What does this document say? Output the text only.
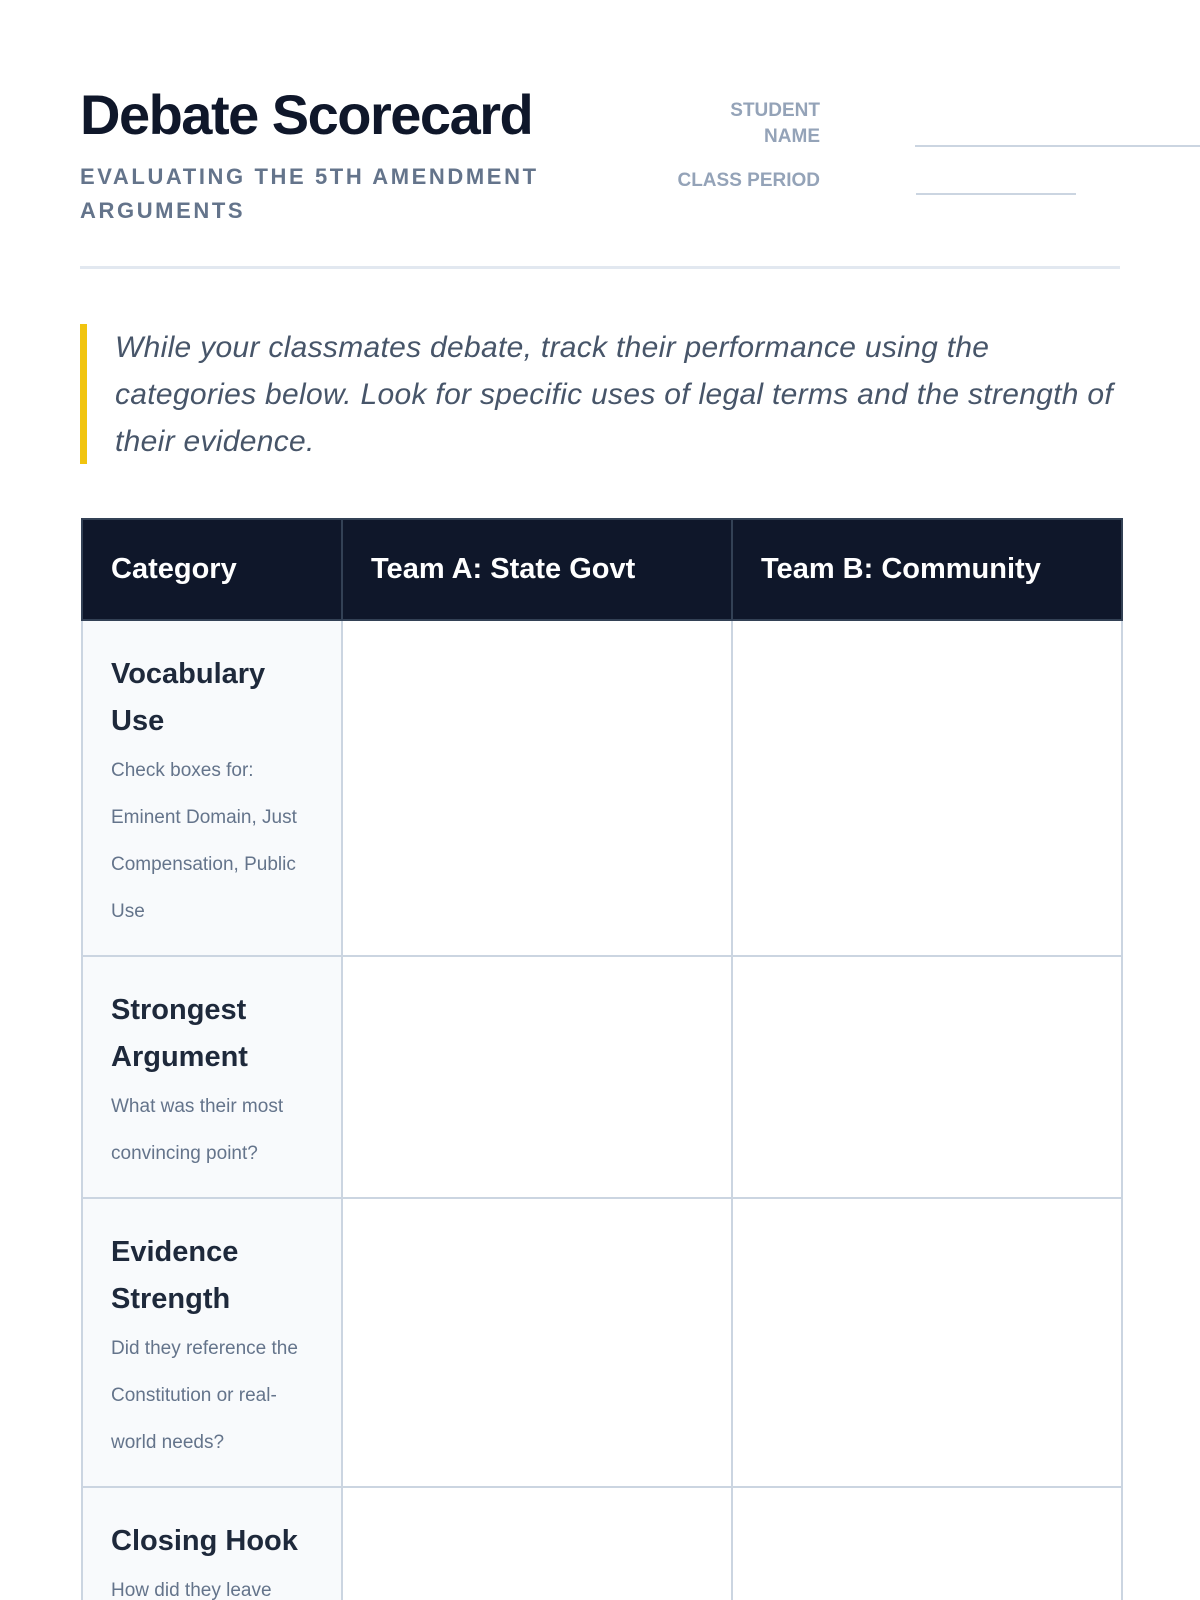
Debate Scorecard
EVALUATING THE 5TH AMENDMENT ARGUMENTS
STUDENT NAME
CLASS PERIOD

While your classmates debate, track their performance using the categories below. Look for specific uses of legal terms and the strength of their evidence.

Category	Team A: State Govt	Team B: Community

Vocabulary Use
Check boxes for: Eminent Domain, Just Compensation, Public Use		

Strongest Argument
What was their most convincing point?		

Evidence Strength
Did they reference the Constitution or real-world needs?		

Closing Hook
How did they leave		
